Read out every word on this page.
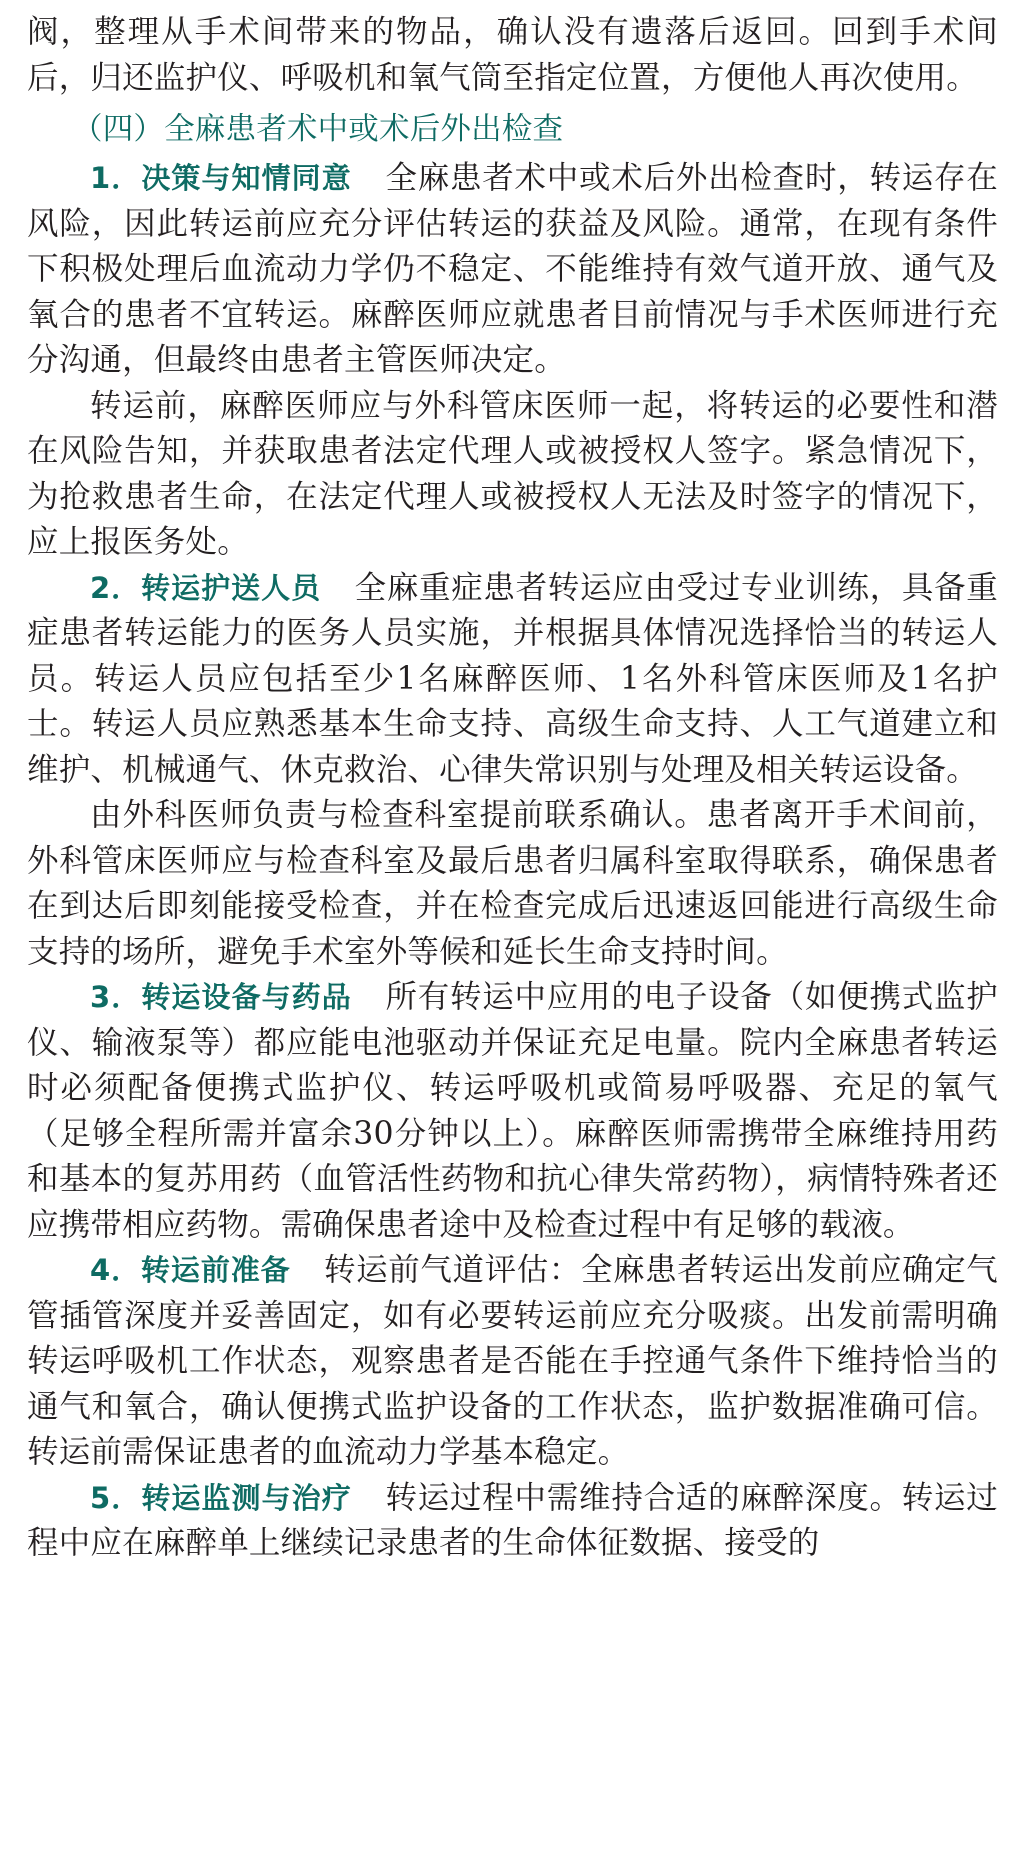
阀，整理从手术间带来的物品，确认没有遗落后返回。回到手术间后，归还监护仪、呼吸机和氧气筒至指定位置，方便他人再次使用。

（四）全麻患者术中或术后外出检查

1．决策与知情同意 全麻患者术中或术后外出检查时，转运存在风险，因此转运前应充分评估转运的获益及风险。通常，在现有条件下积极处理后血流动力学仍不稳定、不能维持有效气道开放、通气及氧合的患者不宜转运。麻醉医师应就患者目前情况与手术医师进行充分沟通，但最终由患者主管医师决定。

转运前，麻醉医师应与外科管床医师一起，将转运的必要性和潜在风险告知，并获取患者法定代理人或被授权人签字。紧急情况下，为抢救患者生命，在法定代理人或被授权人无法及时签字的情况下，应上报医务处。

2．转运护送人员 全麻重症患者转运应由受过专业训练，具备重症患者转运能力的医务人员实施，并根据具体情况选择恰当的转运人员。转运人员应包括至少1名麻醉医师、1名外科管床医师及1名护士。转运人员应熟悉基本生命支持、高级生命支持、人工气道建立和维护、机械通气、休克救治、心律失常识别与处理及相关转运设备。

由外科医师负责与检查科室提前联系确认。患者离开手术间前，外科管床医师应与检查科室及最后患者归属科室取得联系，确保患者在到达后即刻能接受检查，并在检查完成后迅速返回能进行高级生命支持的场所，避免手术室外等候和延长生命支持时间。

3．转运设备与药品 所有转运中应用的电子设备（如便携式监护仪、输液泵等）都应能电池驱动并保证充足电量。院内全麻患者转运时必须配备便携式监护仪、转运呼吸机或简易呼吸器、充足的氧气（足够全程所需并富余30分钟以上）。麻醉医师需携带全麻维持用药和基本的复苏用药（血管活性药物和抗心律失常药物），病情特殊者还应携带相应药物。需确保患者途中及检查过程中有足够的载液。

4．转运前准备 转运前气道评估：全麻患者转运出发前应确定气管插管深度并妥善固定，如有必要转运前应充分吸痰。出发前需明确转运呼吸机工作状态，观察患者是否能在手控通气条件下维持恰当的通气和氧合，确认便携式监护设备的工作状态，监护数据准确可信。转运前需保证患者的血流动力学基本稳定。

5．转运监测与治疗 转运过程中需维持合适的麻醉深度。转运过程中应在麻醉单上继续记录患者的生命体征数据、接受的
